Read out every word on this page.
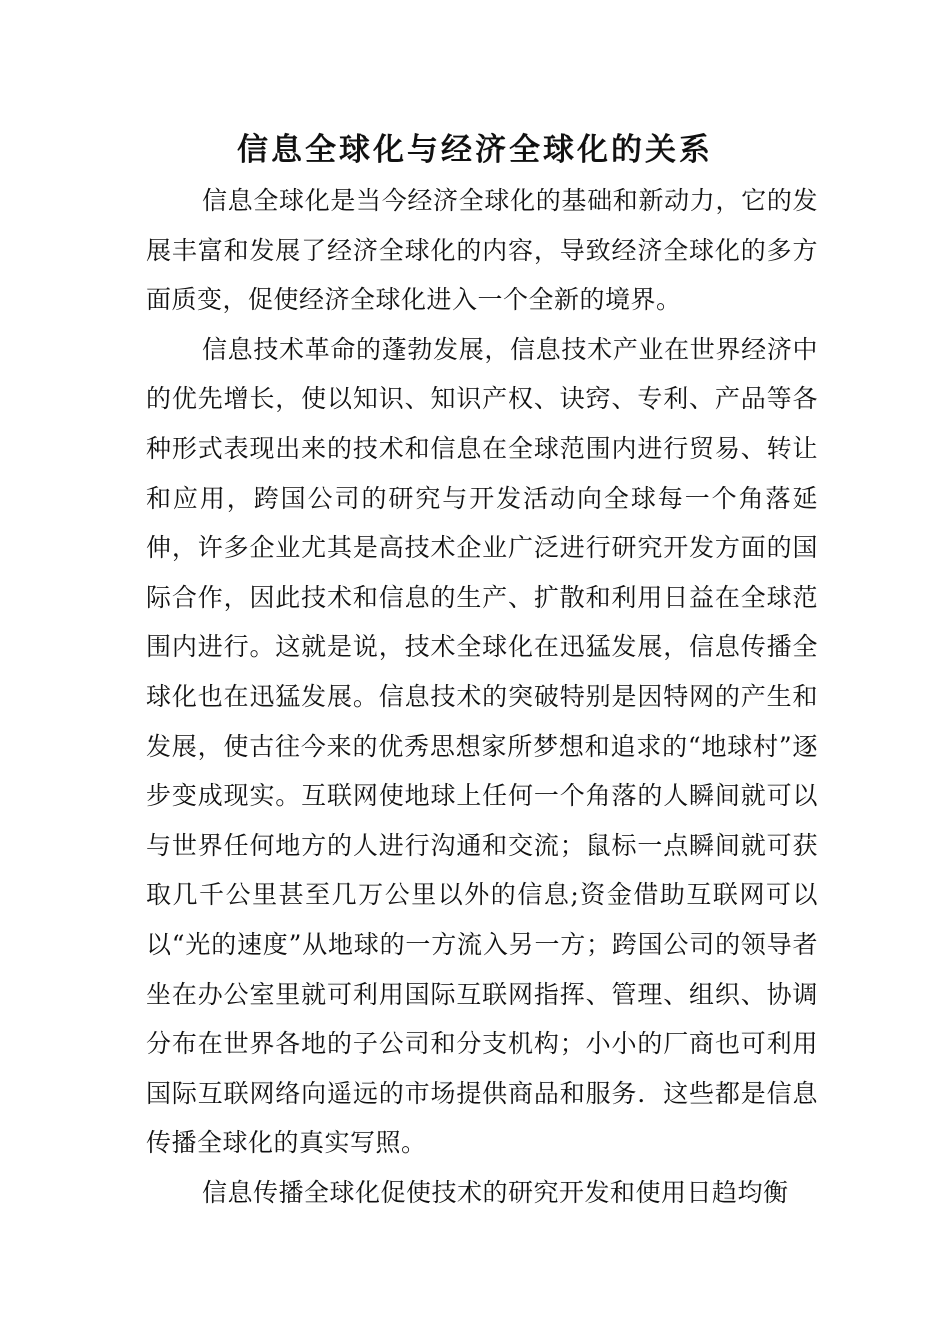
信息全球化与经济全球化的关系

信息全球化是当今经济全球化的基础和新动力，它的发展丰富和发展了经济全球化的内容，导致经济全球化的多方面质变，促使经济全球化进入一个全新的境界。

信息技术革命的蓬勃发展，信息技术产业在世界经济中的优先增长，使以知识、知识产权、诀窍、专利、产品等各种形式表现出来的技术和信息在全球范围内进行贸易、转让和应用，跨国公司的研究与开发活动向全球每一个角落延伸，许多企业尤其是高技术企业广泛进行研究开发方面的国际合作，因此技术和信息的生产、扩散和利用日益在全球范围内进行。这就是说，技术全球化在迅猛发展，信息传播全球化也在迅猛发展。信息技术的突破特别是因特网的产生和发展，使古往今来的优秀思想家所梦想和追求的“地球村”逐步变成现实。互联网使地球上任何一个角落的人瞬间就可以与世界任何地方的人进行沟通和交流；鼠标一点瞬间就可获取几千公里甚至几万公里以外的信息;资金借助互联网可以以“光的速度”从地球的一方流入另一方；跨国公司的领导者坐在办公室里就可利用国际互联网指挥、管理、组织、协调分布在世界各地的子公司和分支机构；小小的厂商也可利用国际互联网络向遥远的市场提供商品和服务．这些都是信息传播全球化的真实写照。

信息传播全球化促使技术的研究开发和使用日趋均衡
